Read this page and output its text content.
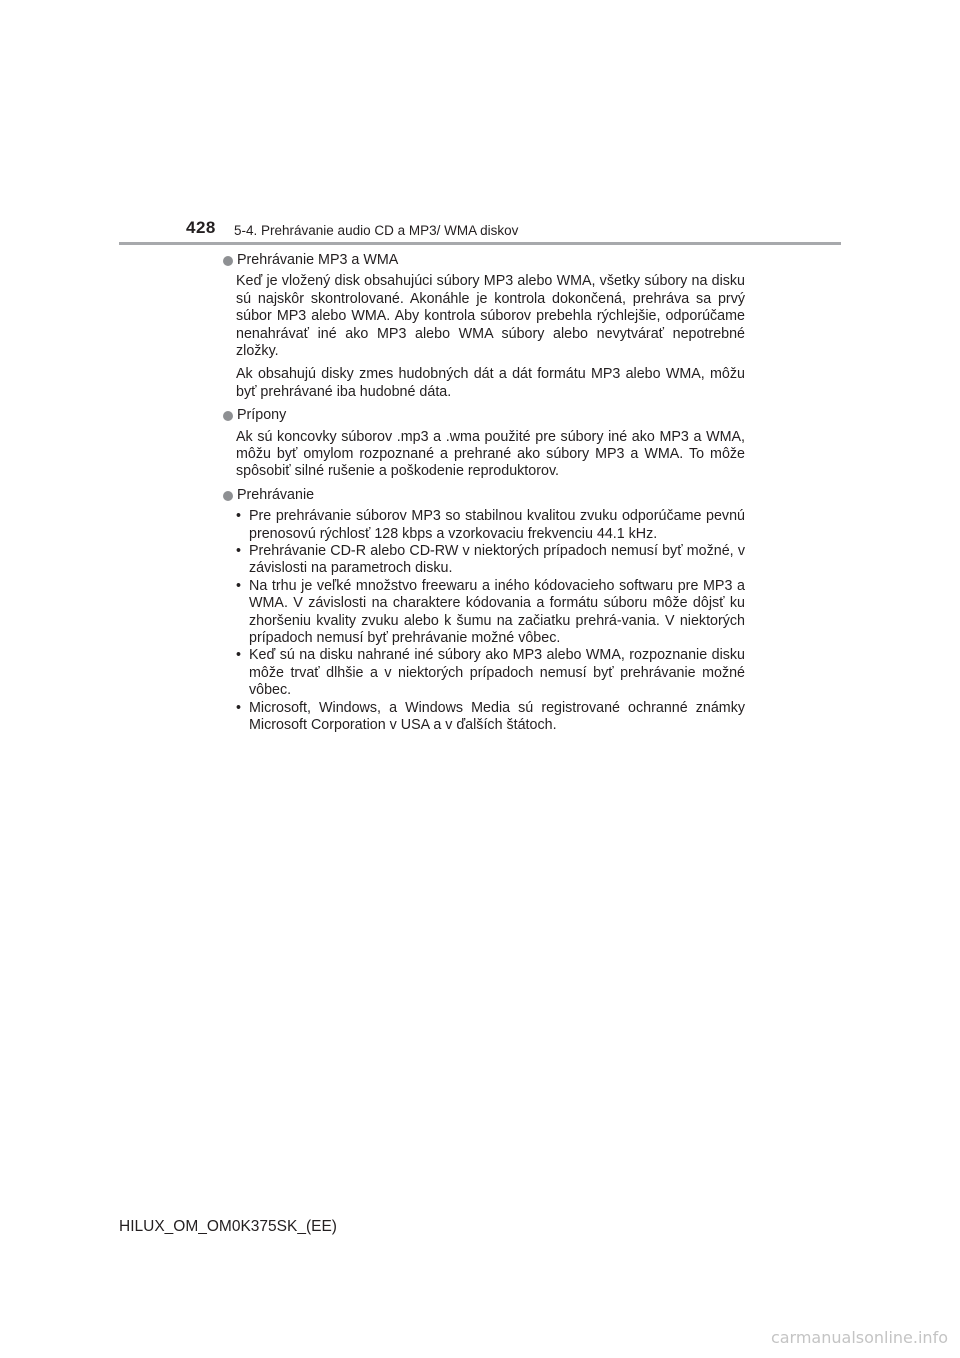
428 5-4. Prehrávanie audio CD a MP3/ WMA diskov
Prehrávanie MP3 a WMA

Keď je vložený disk obsahujúci súbory MP3 alebo WMA, všetky súbory na disku sú najskôr skontrolované. Akonáhle je kontrola dokončená, prehráva sa prvý súbor MP3 alebo WMA. Aby kontrola súborov prebehla rýchlejšie, odporúčame nenahrávať iné ako MP3 alebo WMA súbory alebo nevytvárať nepotrebné zložky.

Ak obsahujú disky zmes hudobných dát a dát formátu MP3 alebo WMA, môžu byť prehrávané iba hudobné dáta.

Prípony

Ak sú koncovky súborov .mp3 a .wma použité pre súbory iné ako MP3 a WMA, môžu byť omylom rozpoznané a prehrané ako súbory MP3 a WMA. To môže spôsobiť silné rušenie a poškodenie reproduktorov.

Prehrávanie
• Pre prehrávanie súborov MP3 so stabilnou kvalitou zvuku odporúčame pevnú prenosovú rýchlosť 128 kbps a vzorkovaciu frekvenciu 44.1 kHz.
• Prehrávanie CD-R alebo CD-RW v niektorých prípadoch nemusí byť možné, v závislosti na parametroch disku.
• Na trhu je veľké množstvo freewaru a iného kódovacieho softwaru pre MP3 a WMA. V závislosti na charaktere kódovania a formátu súboru môže dôjsť ku zhoršeniu kvality zvuku alebo k šumu na začiatku prehrá-vania. V niektorých prípadoch nemusí byť prehrávanie možné vôbec.
• Keď sú na disku nahrané iné súbory ako MP3 alebo WMA, rozpoznanie disku môže trvať dlhšie a v niektorých prípadoch nemusí byť prehrávanie možné vôbec.
• Microsoft, Windows, a Windows Media sú registrované ochranné známky Microsoft Corporation v USA a v ďalších štátoch.
HILUX_OM_OM0K375SK_(EE)
carmanualsonline.info
